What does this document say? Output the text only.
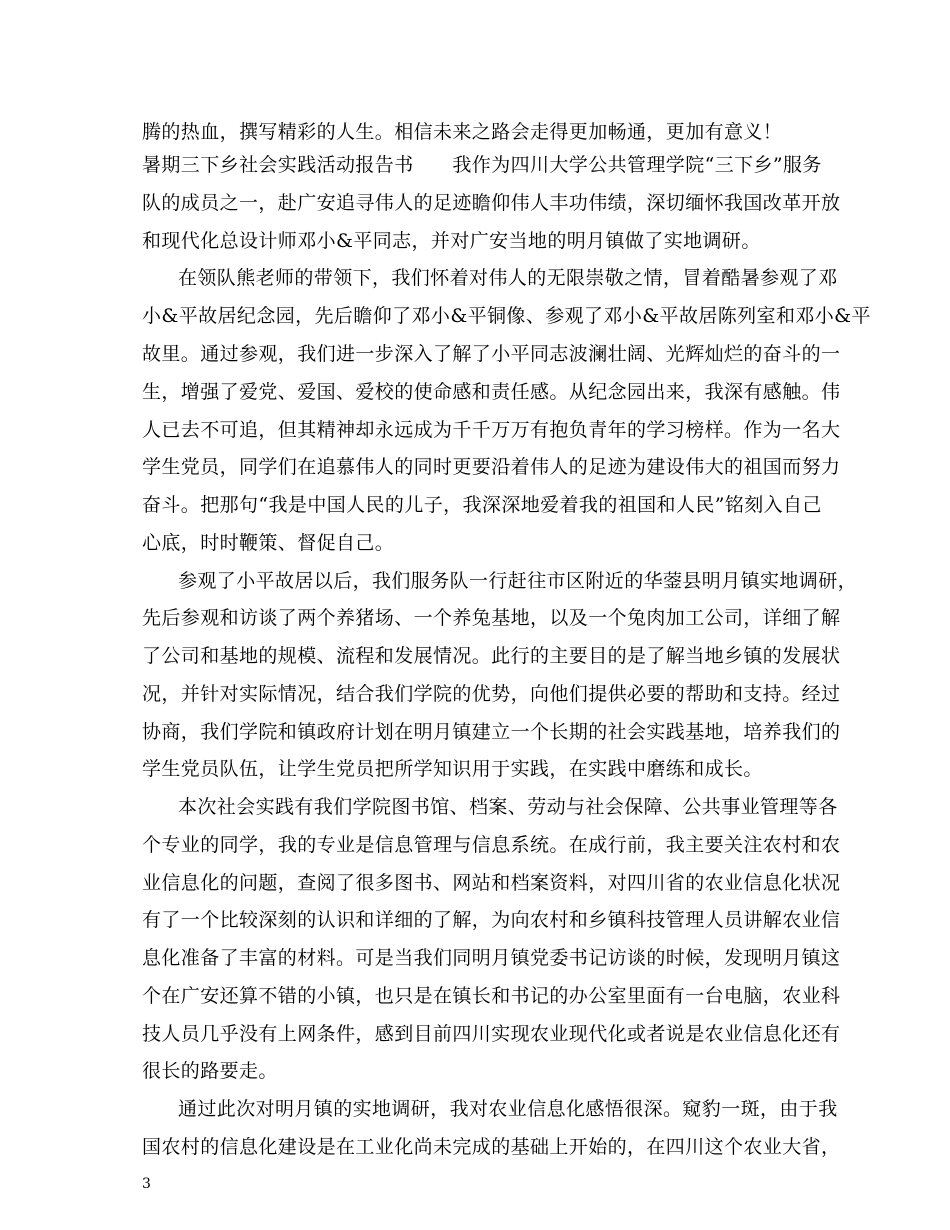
腾的热血，撰写精彩的人生。相信未来之路会走得更加畅通，更加有意义！
暑期三下乡社会实践活动报告书　　我作为四川大学公共管理学院“三下乡”服务
队的成员之一，赴广安追寻伟人的足迹瞻仰伟人丰功伟绩，深切缅怀我国改革开放
和现代化总设计师邓小&平同志，并对广安当地的明月镇做了实地调研。
在领队熊老师的带领下，我们怀着对伟人的无限崇敬之情，冒着酷暑参观了邓
小&平故居纪念园，先后瞻仰了邓小&平铜像、参观了邓小&平故居陈列室和邓小&平
故里。通过参观，我们进一步深入了解了小平同志波澜壮阔、光辉灿烂的奋斗的一
生，增强了爱党、爱国、爱校的使命感和责任感。从纪念园出来，我深有感触。伟
人已去不可追，但其精神却永远成为千千万万有抱负青年的学习榜样。作为一名大
学生党员，同学们在追慕伟人的同时更要沿着伟人的足迹为建设伟大的祖国而努力
奋斗。把那句“我是中国人民的儿子，我深深地爱着我的祖国和人民”铭刻入自己
心底，时时鞭策、督促自己。
参观了小平故居以后，我们服务队一行赶往市区附近的华蓥县明月镇实地调研，
先后参观和访谈了两个养猪场、一个养兔基地，以及一个兔肉加工公司，详细了解
了公司和基地的规模、流程和发展情况。此行的主要目的是了解当地乡镇的发展状
况，并针对实际情况，结合我们学院的优势，向他们提供必要的帮助和支持。经过
协商，我们学院和镇政府计划在明月镇建立一个长期的社会实践基地，培养我们的
学生党员队伍，让学生党员把所学知识用于实践，在实践中磨练和成长。
本次社会实践有我们学院图书馆、档案、劳动与社会保障、公共事业管理等各
个专业的同学，我的专业是信息管理与信息系统。在成行前，我主要关注农村和农
业信息化的问题，查阅了很多图书、网站和档案资料，对四川省的农业信息化状况
有了一个比较深刻的认识和详细的了解，为向农村和乡镇科技管理人员讲解农业信
息化准备了丰富的材料。可是当我们同明月镇党委书记访谈的时候，发现明月镇这
个在广安还算不错的小镇，也只是在镇长和书记的办公室里面有一台电脑，农业科
技人员几乎没有上网条件，感到目前四川实现农业现代化或者说是农业信息化还有
很长的路要走。
通过此次对明月镇的实地调研，我对农业信息化感悟很深。窥豹一斑，由于我
国农村的信息化建设是在工业化尚未完成的基础上开始的，在四川这个农业大省，
3
